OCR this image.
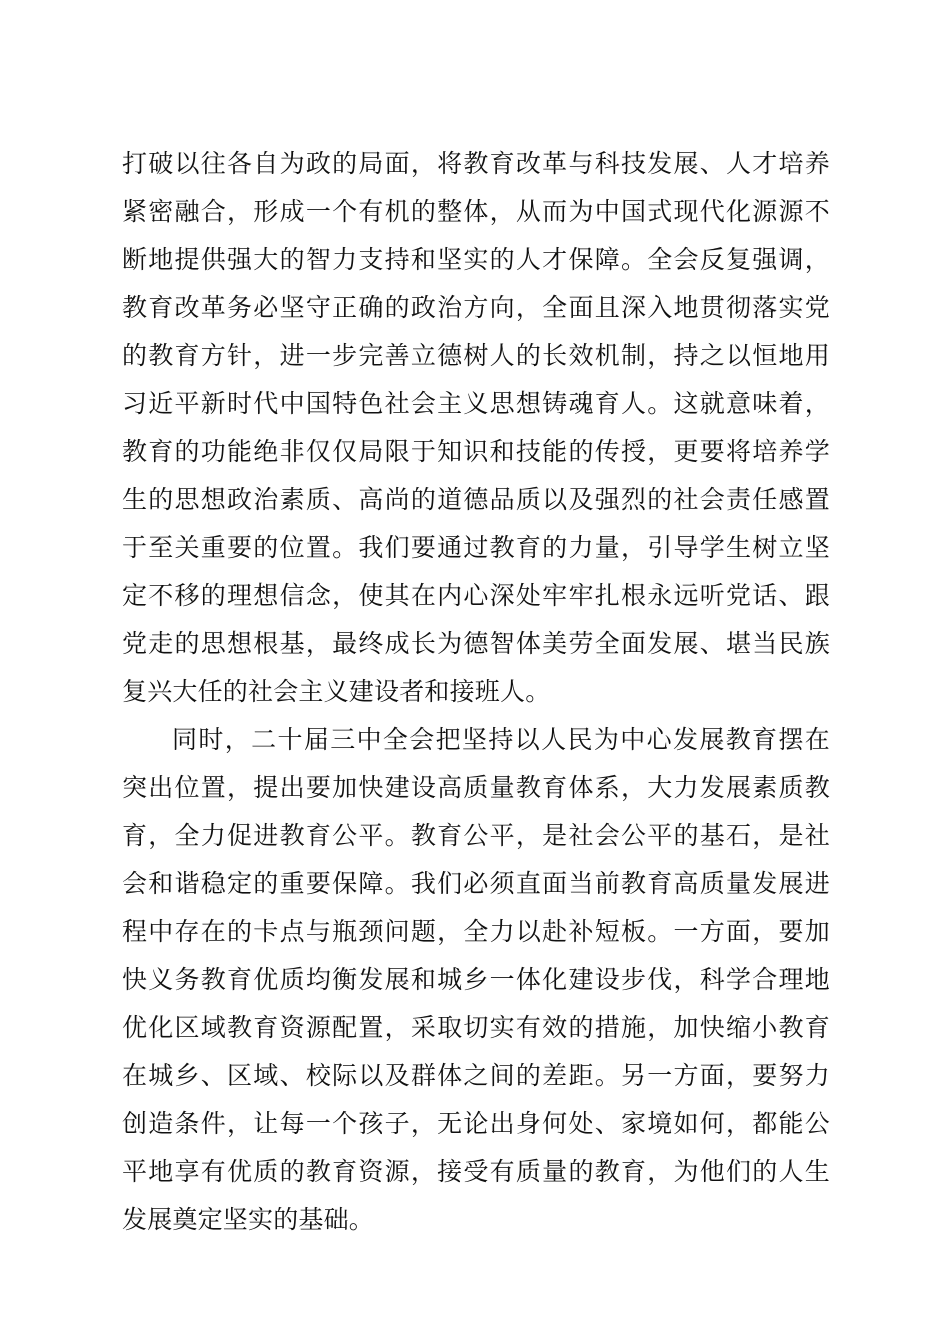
打破以往各自为政的局面，将教育改革与科技发展、人才培养
紧密融合，形成一个有机的整体，从而为中国式现代化源源不
断地提供强大的智力支持和坚实的人才保障。全会反复强调，
教育改革务必坚守正确的政治方向，全面且深入地贯彻落实党
的教育方针，进一步完善立德树人的长效机制，持之以恒地用
习近平新时代中国特色社会主义思想铸魂育人。这就意味着，
教育的功能绝非仅仅局限于知识和技能的传授，更要将培养学
生的思想政治素质、高尚的道德品质以及强烈的社会责任感置
于至关重要的位置。我们要通过教育的力量，引导学生树立坚
定不移的理想信念，使其在内心深处牢牢扎根永远听党话、跟
党走的思想根基，最终成长为德智体美劳全面发展、堪当民族
复兴大任的社会主义建设者和接班人。
同时，二十届三中全会把坚持以人民为中心发展教育摆在
突出位置，提出要加快建设高质量教育体系，大力发展素质教
育，全力促进教育公平。教育公平，是社会公平的基石，是社
会和谐稳定的重要保障。我们必须直面当前教育高质量发展进
程中存在的卡点与瓶颈问题，全力以赴补短板。一方面，要加
快义务教育优质均衡发展和城乡一体化建设步伐，科学合理地
优化区域教育资源配置，采取切实有效的措施，加快缩小教育
在城乡、区域、校际以及群体之间的差距。另一方面，要努力
创造条件，让每一个孩子，无论出身何处、家境如何，都能公
平地享有优质的教育资源，接受有质量的教育，为他们的人生
发展奠定坚实的基础。
